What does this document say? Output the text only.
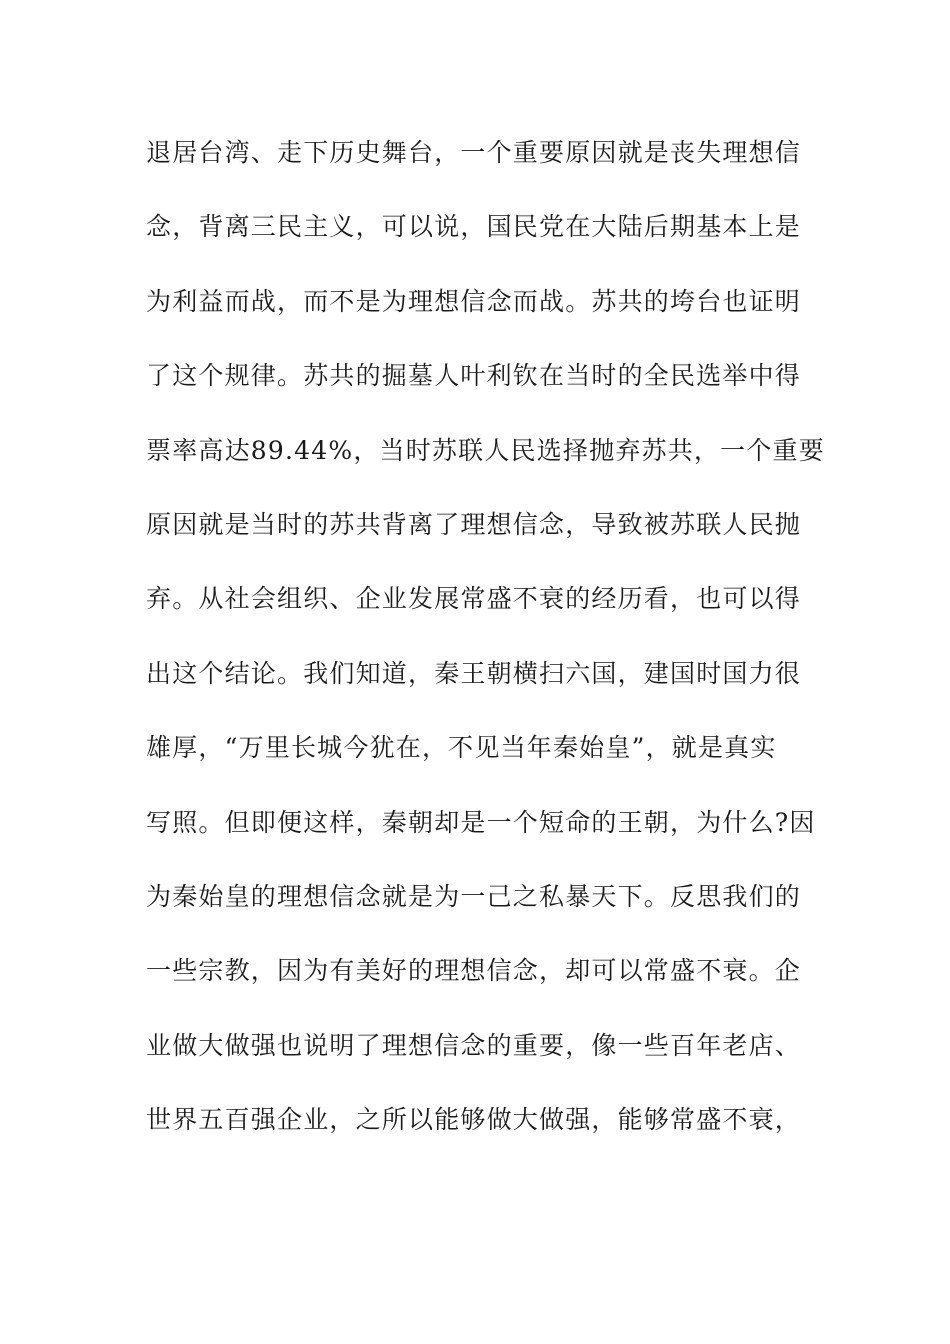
退居台湾、走下历史舞台，一个重要原因就是丧失理想信
念，背离三民主义，可以说，国民党在大陆后期基本上是
为利益而战，而不是为理想信念而战。苏共的垮台也证明
了这个规律。苏共的掘墓人叶利钦在当时的全民选举中得
票率高达89.44%，当时苏联人民选择抛弃苏共，一个重要
原因就是当时的苏共背离了理想信念，导致被苏联人民抛
弃。从社会组织、企业发展常盛不衰的经历看，也可以得
出这个结论。我们知道，秦王朝横扫六国，建国时国力很
雄厚，“万里长城今犹在，不见当年秦始皇”，就是真实
写照。但即便这样，秦朝却是一个短命的王朝，为什么?因
为秦始皇的理想信念就是为一己之私暴天下。反思我们的
一些宗教，因为有美好的理想信念，却可以常盛不衰。企
业做大做强也说明了理想信念的重要，像一些百年老店、
世界五百强企业，之所以能够做大做强，能够常盛不衰，
